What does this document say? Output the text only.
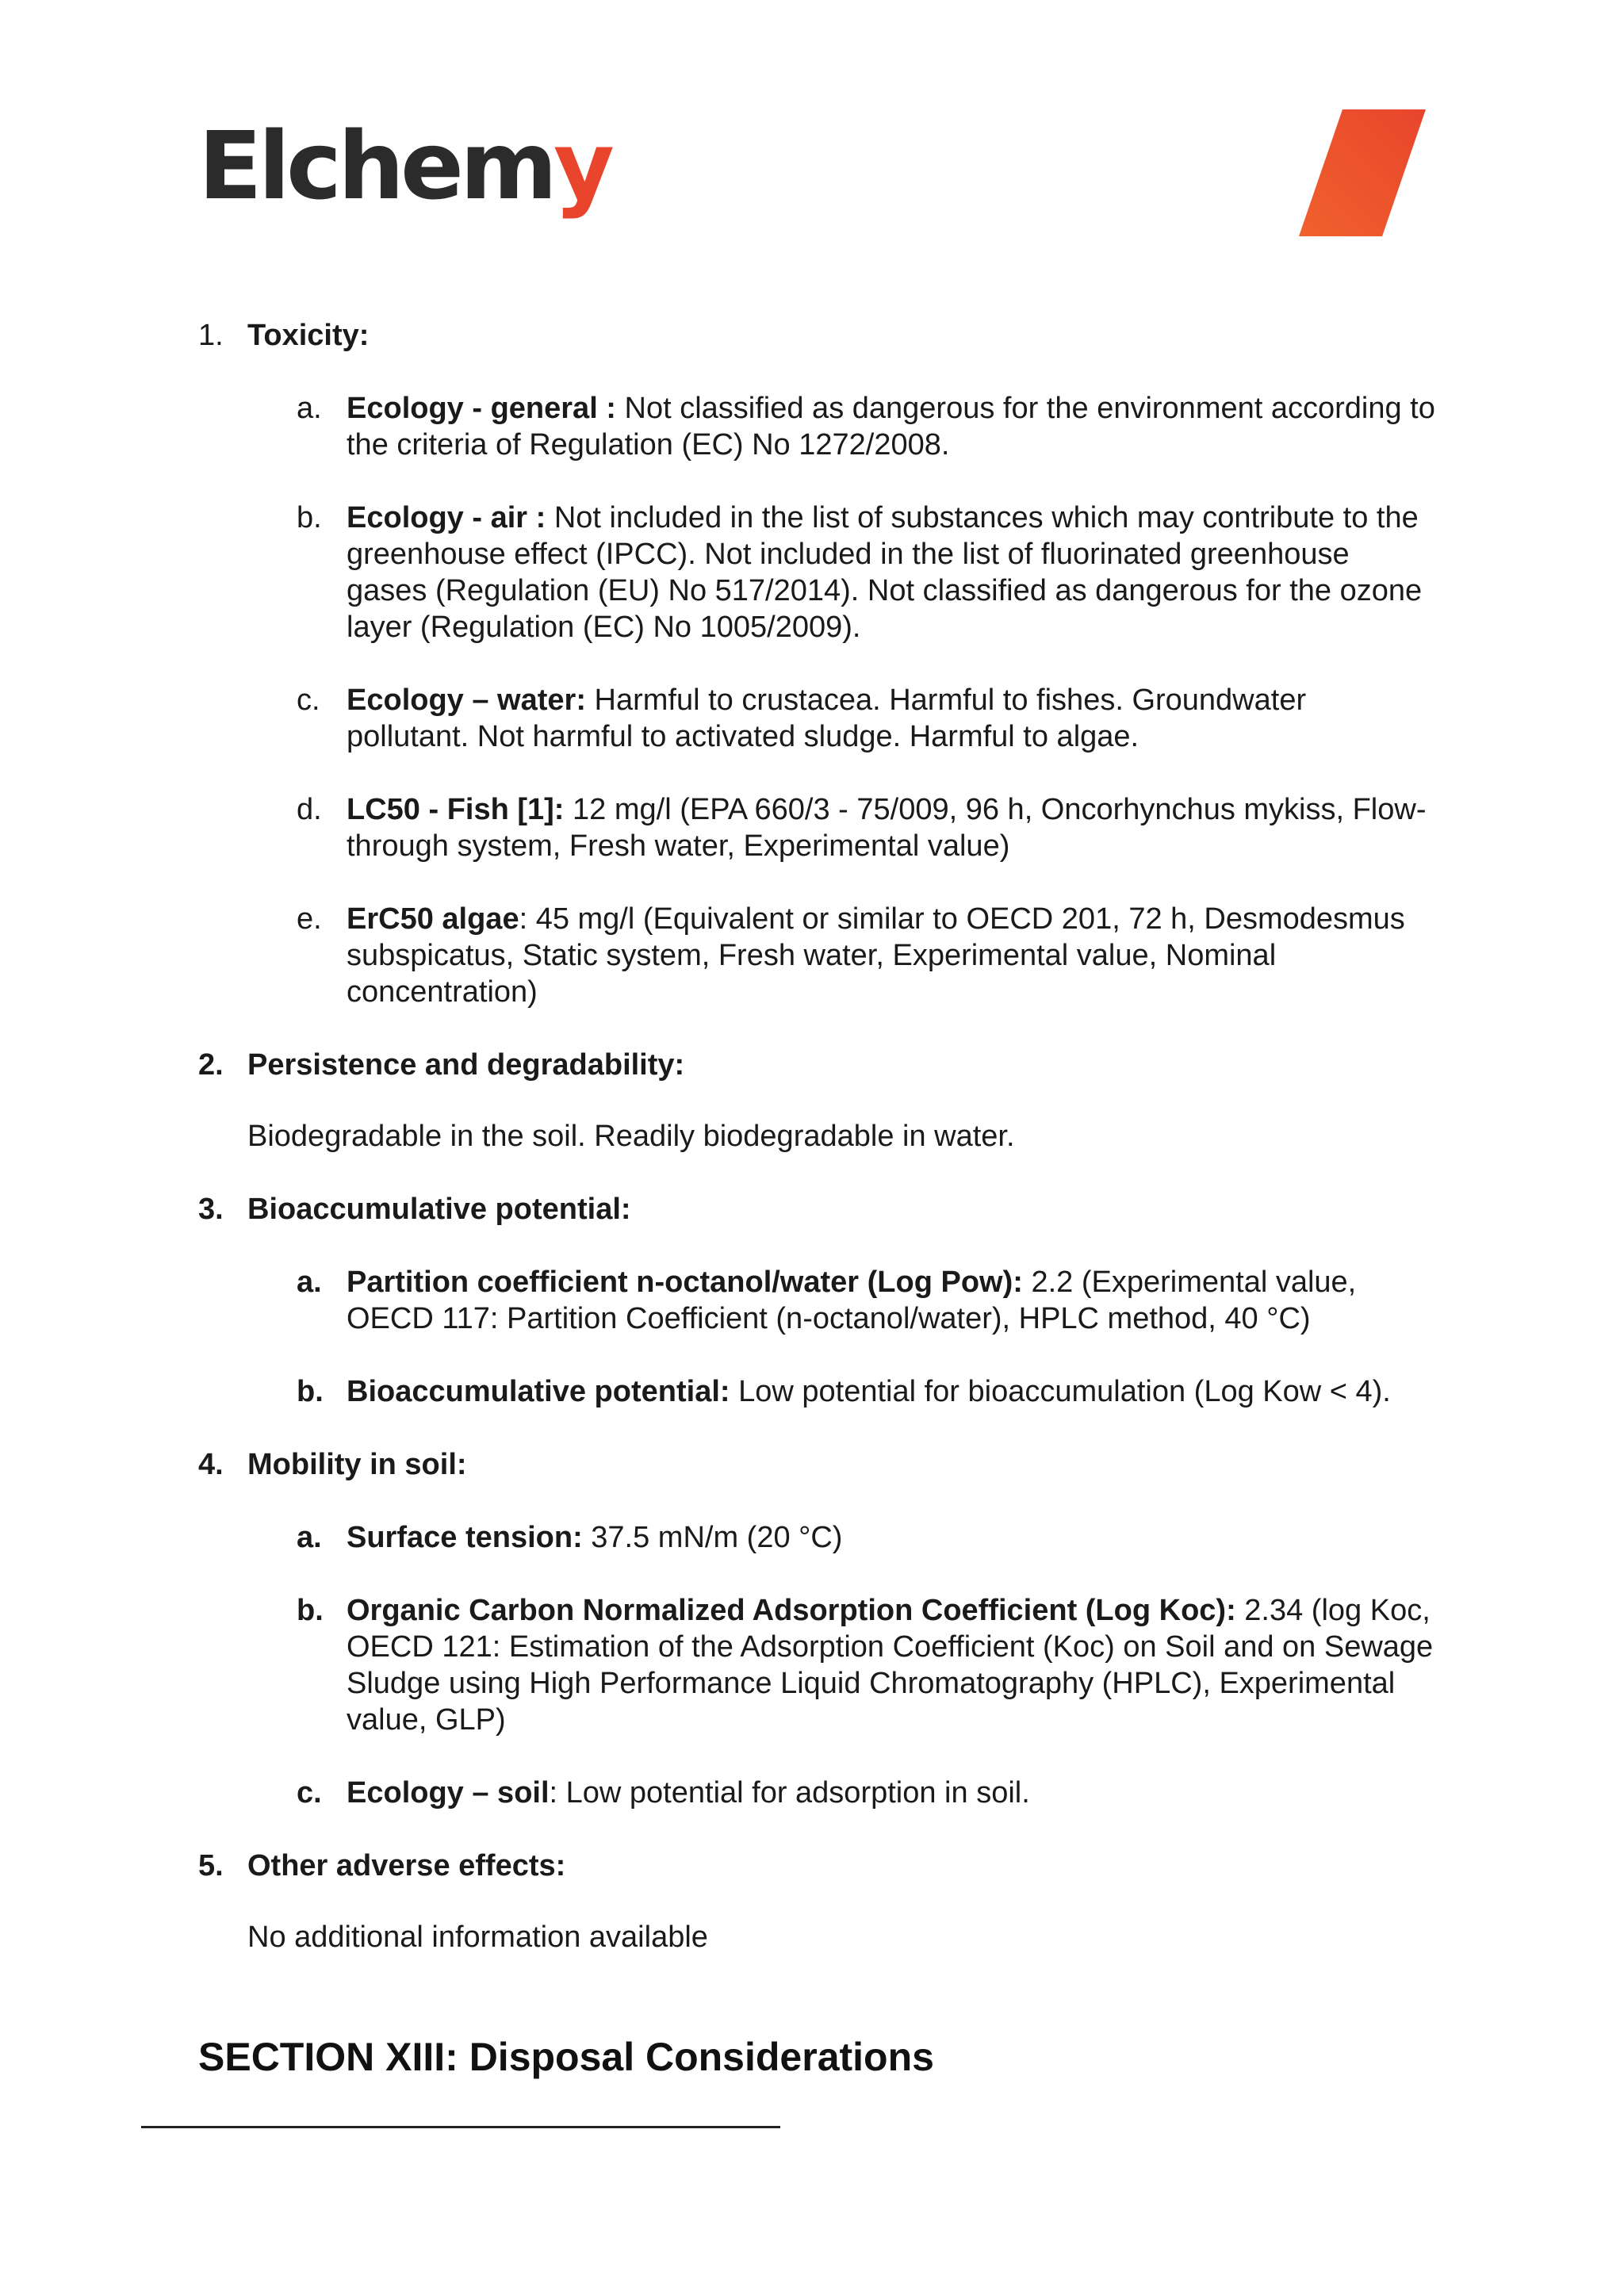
Elchemy
1. Toxicity:
a. Ecology - general : Not classified as dangerous for the environment according to the criteria of Regulation (EC) No 1272/2008.
b. Ecology - air : Not included in the list of substances which may contribute to the greenhouse effect (IPCC). Not included in the list of fluorinated greenhouse gases (Regulation (EU) No 517/2014). Not classified as dangerous for the ozone layer (Regulation (EC) No 1005/2009).
c. Ecology – water: Harmful to crustacea. Harmful to fishes. Groundwater pollutant. Not harmful to activated sludge. Harmful to algae.
d. LC50 - Fish [1]: 12 mg/l (EPA 660/3 - 75/009, 96 h, Oncorhynchus mykiss, Flow-through system, Fresh water, Experimental value)
e. ErC50 algae: 45 mg/l (Equivalent or similar to OECD 201, 72 h, Desmodesmus subspicatus, Static system, Fresh water, Experimental value, Nominal concentration)
2. Persistence and degradability:
Biodegradable in the soil. Readily biodegradable in water.
3. Bioaccumulative potential:
a. Partition coefficient n-octanol/water (Log Pow): 2.2 (Experimental value, OECD 117: Partition Coefficient (n-octanol/water), HPLC method, 40 °C)
b. Bioaccumulative potential: Low potential for bioaccumulation (Log Kow < 4).
4. Mobility in soil:
a. Surface tension: 37.5 mN/m (20 °C)
b. Organic Carbon Normalized Adsorption Coefficient (Log Koc): 2.34 (log Koc, OECD 121: Estimation of the Adsorption Coefficient (Koc) on Soil and on Sewage Sludge using High Performance Liquid Chromatography (HPLC), Experimental value, GLP)
c. Ecology – soil: Low potential for adsorption in soil.
5. Other adverse effects:
No additional information available
SECTION XIII: Disposal Considerations
